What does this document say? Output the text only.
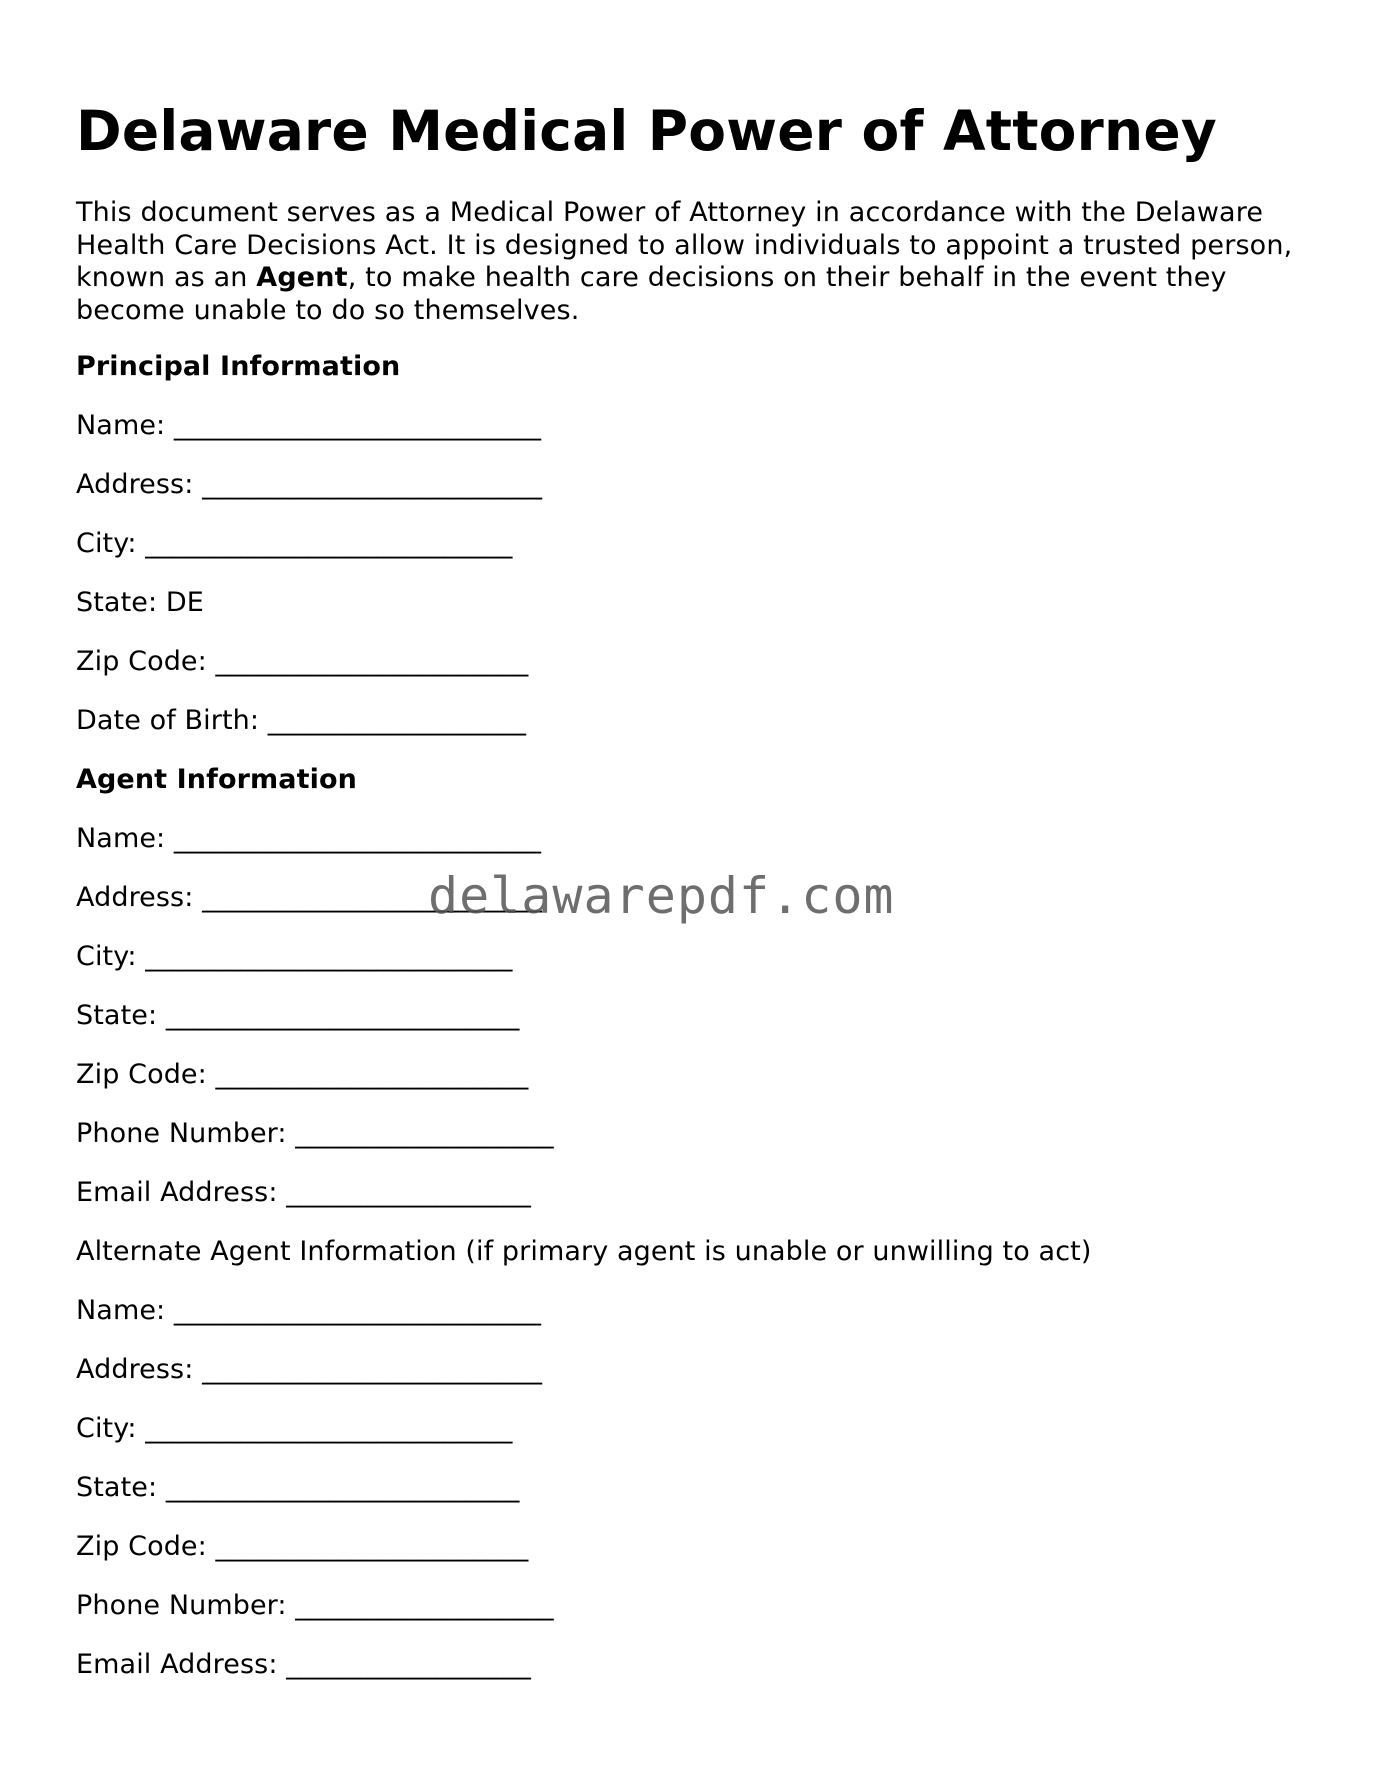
Delaware Medical Power of Attorney

This document serves as a Medical Power of Attorney in accordance with the Delaware Health Care Decisions Act. It is designed to allow individuals to appoint a trusted person, known as an Agent, to make health care decisions on their behalf in the event they become unable to do so themselves.

Principal Information
Name: ___________________________
Address: _________________________
City: ___________________________
State: DE
Zip Code: _______________________
Date of Birth: ___________________
Agent Information
Name: ___________________________
Address: _________________________
City: ___________________________
State: __________________________
Zip Code: _______________________
Phone Number: ___________________
Email Address: __________________
Alternate Agent Information (if primary agent is unable or unwilling to act)
Name: ___________________________
Address: _________________________
City: ___________________________
State: __________________________
Zip Code: _______________________
Phone Number: ___________________
Email Address: __________________
delawarepdf.com
